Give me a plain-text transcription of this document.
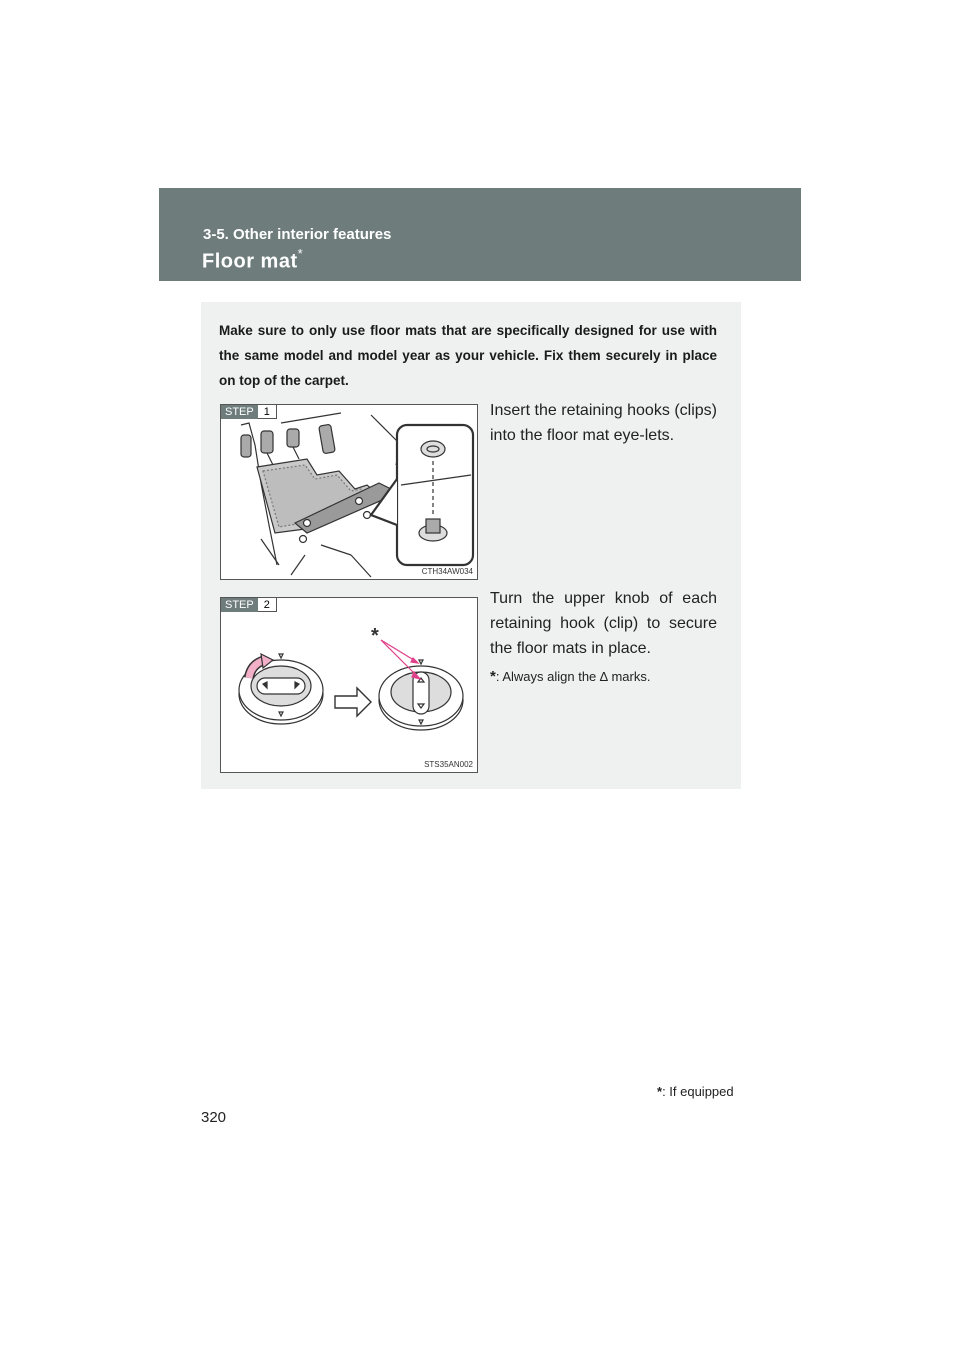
3-5. Other interior features
Floor mat*
Make sure to only use floor mats that are specifically designed for use with the same model and model year as your vehicle. Fix them securely in place on top of the carpet.
STEP 1
CTH34AW034
Insert the retaining hooks (clips) into the floor mat eye-lets.
*
STEP 2
STS35AN002
Turn the upper knob of each retaining hook (clip) to secure the floor mats in place.
*: Always align the ∆ marks.
*: If equipped
320
